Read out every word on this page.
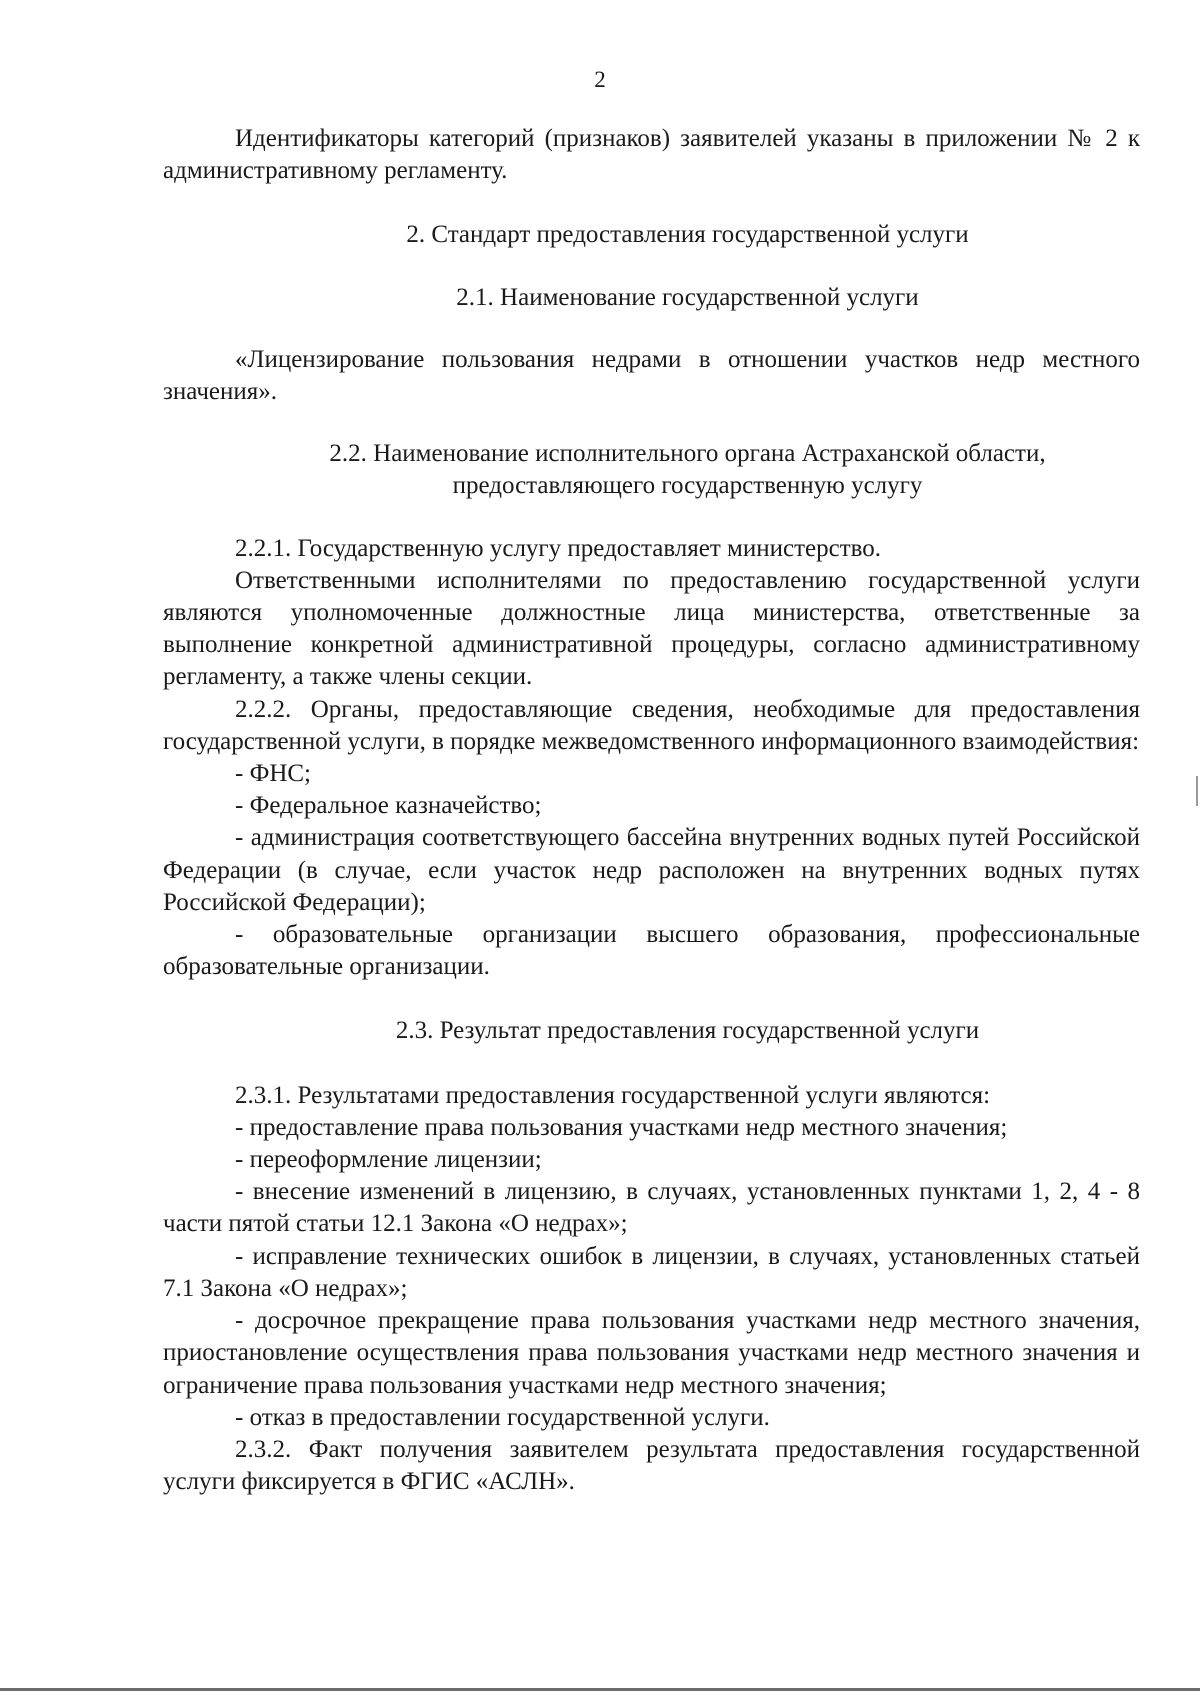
2

Идентификаторы категорий (признаков) заявителей указаны в приложении № 2 к административному регламенту.

2. Стандарт предоставления государственной услуги

2.1. Наименование государственной услуги

«Лицензирование пользования недрами в отношении участков недр местного значения».

2.2. Наименование исполнительного органа Астраханской области,

предоставляющего государственную услугу

2.2.1. Государственную услугу предоставляет министерство.

Ответственными исполнителями по предоставлению государственной услуги являются уполномоченные должностные лица министерства, ответственные за выполнение конкретной административной процедуры, согласно административному регламенту, а также члены секции.

2.2.2. Органы, предоставляющие сведения, необходимые для предоставления государственной услуги, в порядке межведомственного информационного взаимодействия:

- ФНС;

- Федеральное казначейство;

- администрация соответствующего бассейна внутренних водных путей Российской Федерации (в случае, если участок недр расположен на внутренних водных путях Российской Федерации);

- образовательные организации высшего образования, профессиональные образовательные организации.

2.3. Результат предоставления государственной услуги

2.3.1. Результатами предоставления государственной услуги являются:

- предоставление права пользования участками недр местного значения;

- переоформление лицензии;

- внесение изменений в лицензию, в случаях, установленных пунктами 1, 2, 4 - 8 части пятой статьи 12.1 Закона «О недрах»;

- исправление технических ошибок в лицензии, в случаях, установленных статьей 7.1 Закона «О недрах»;

- досрочное прекращение права пользования участками недр местного значения, приостановление осуществления права пользования участками недр местного значения и ограничение права пользования участками недр местного значения;

- отказ в предоставлении государственной услуги.

2.3.2. Факт получения заявителем результата предоставления государственной услуги фиксируется в ФГИС «АСЛН».
